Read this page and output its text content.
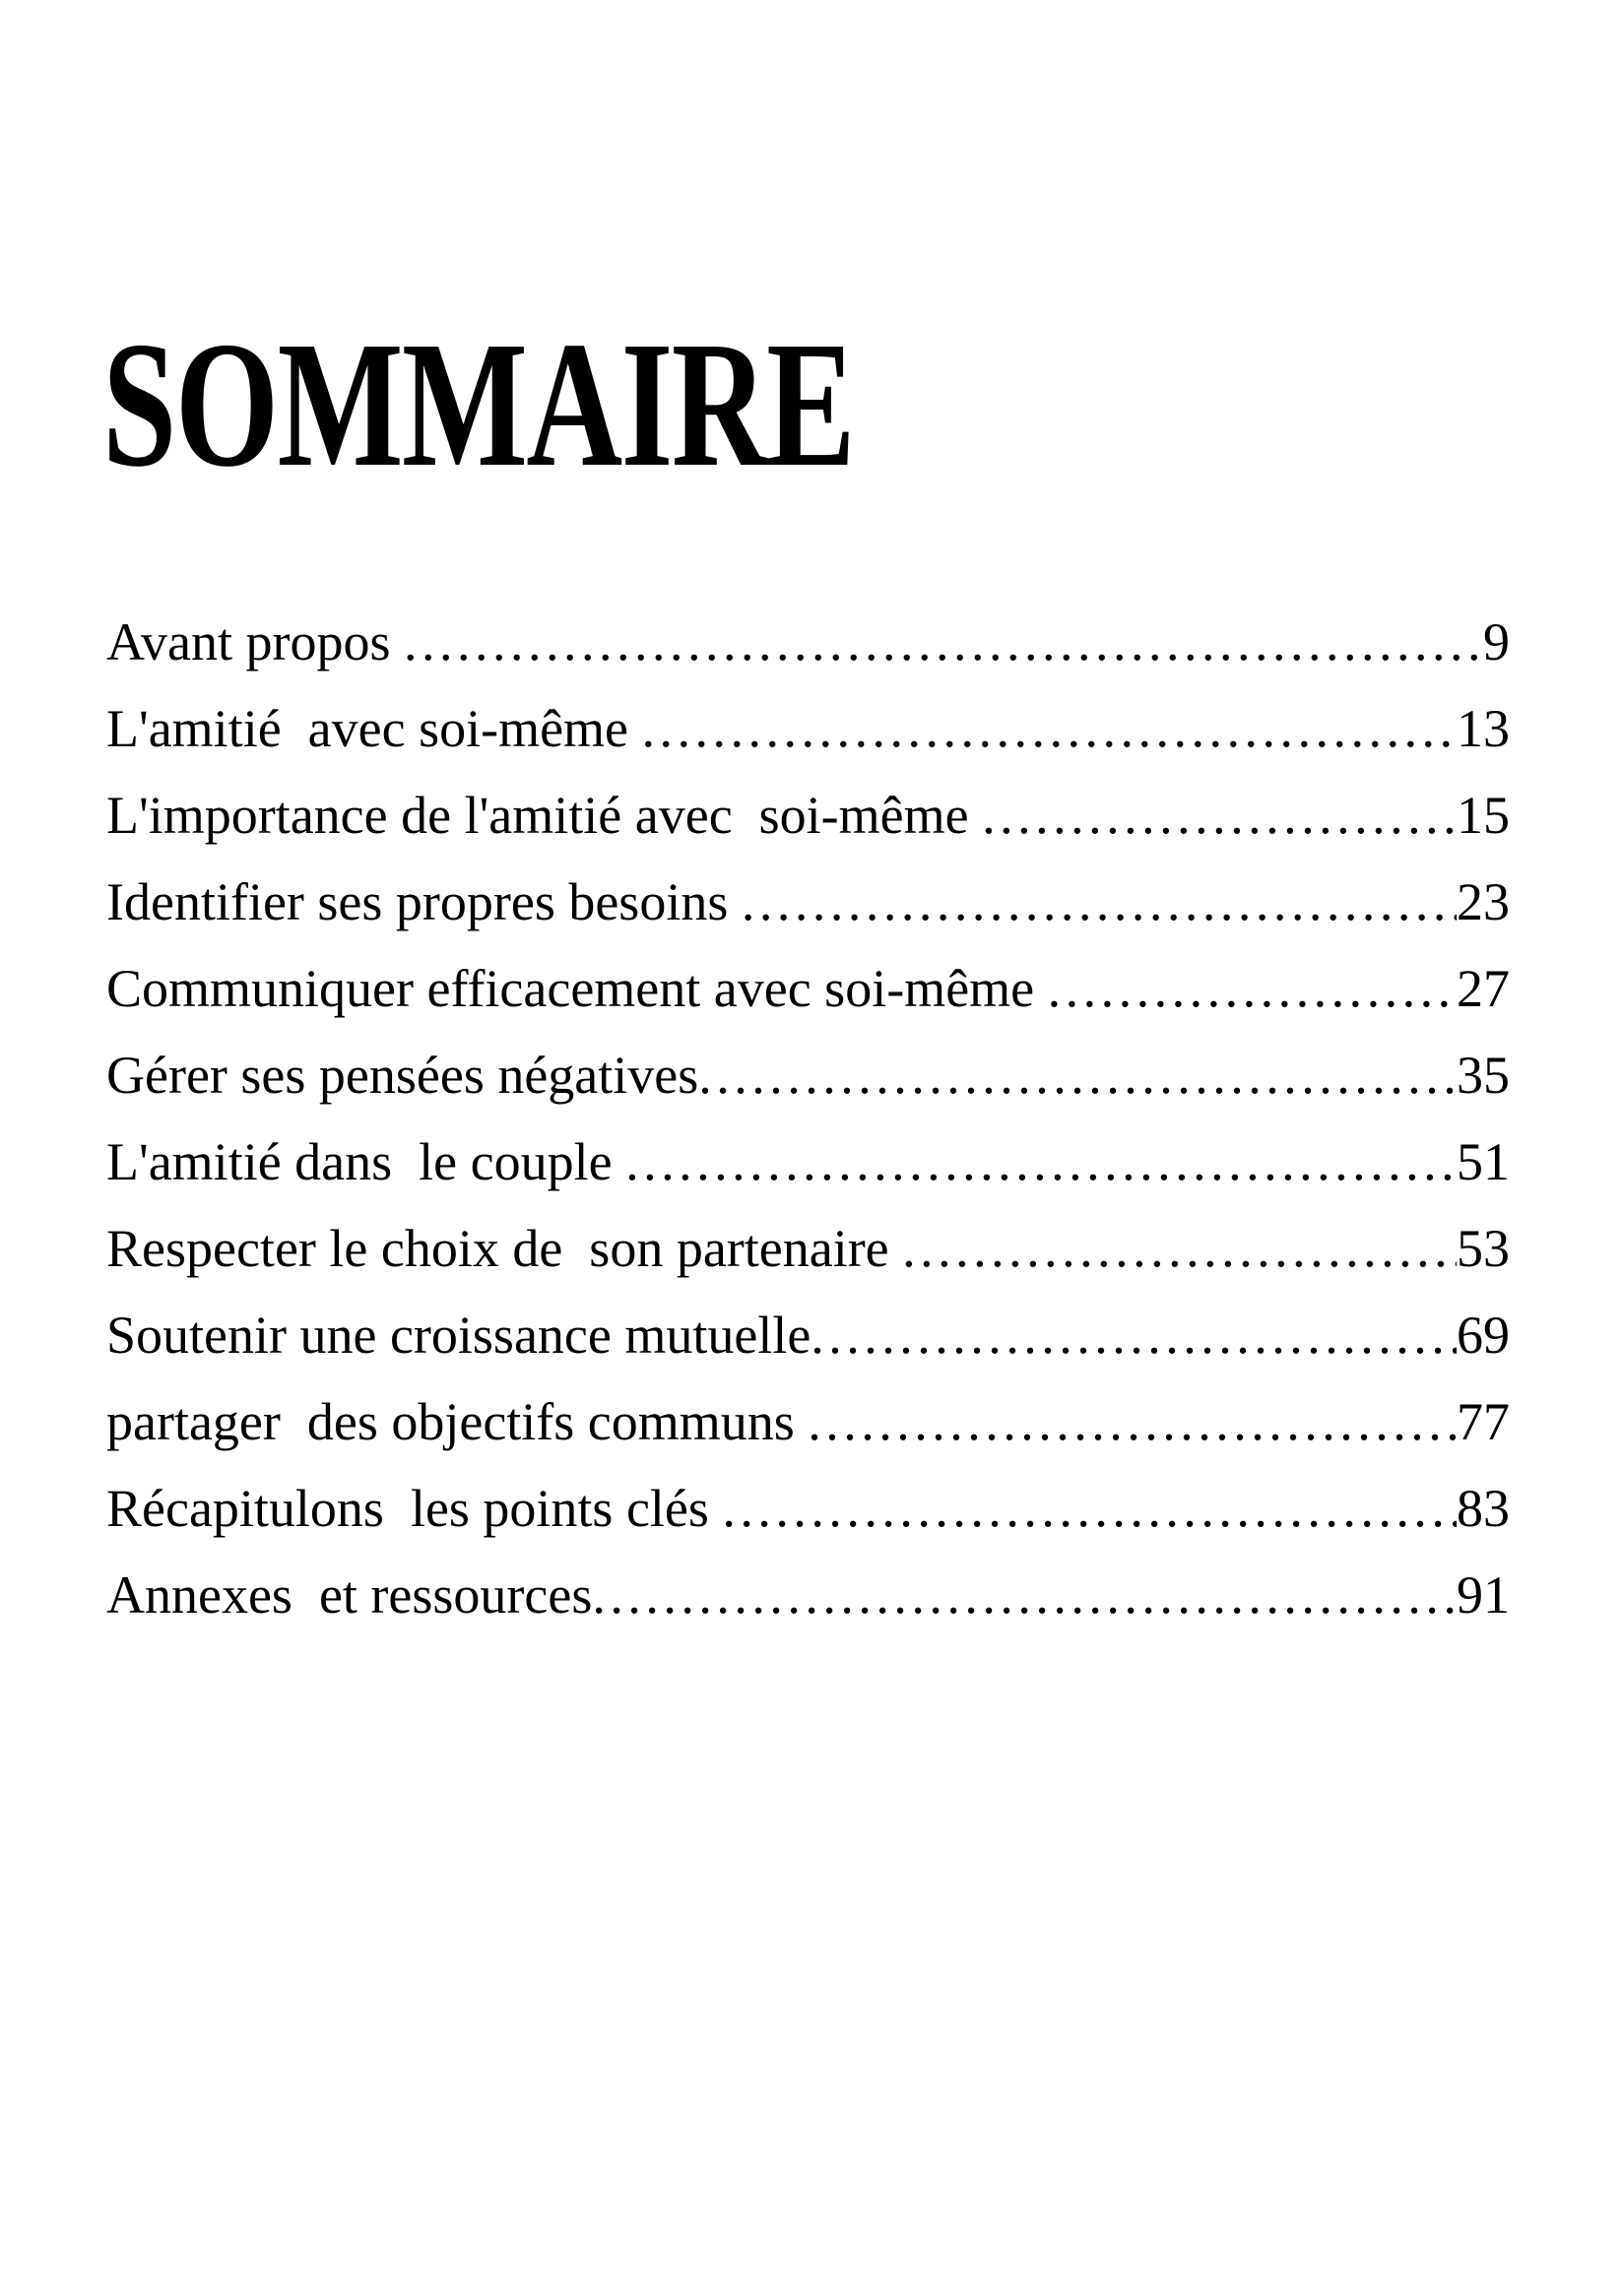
SOMMAIRE
Avant propos .....	9
L'amitié  avec soi-même .....	13
L'importance de l'amitié avec  soi-même .....	15
Identifier ses propres besoins .....	23
Communiquer efficacement avec soi-même .....	27
Gérer ses pensées négatives .....	35
L'amitié dans  le couple .....	51
Respecter le choix de  son partenaire .....	53
Soutenir une croissance mutuelle .....	69
partager  des objectifs communs .....	77
Récapitulons  les points clés .....	83
Annexes  et ressources .....	91
